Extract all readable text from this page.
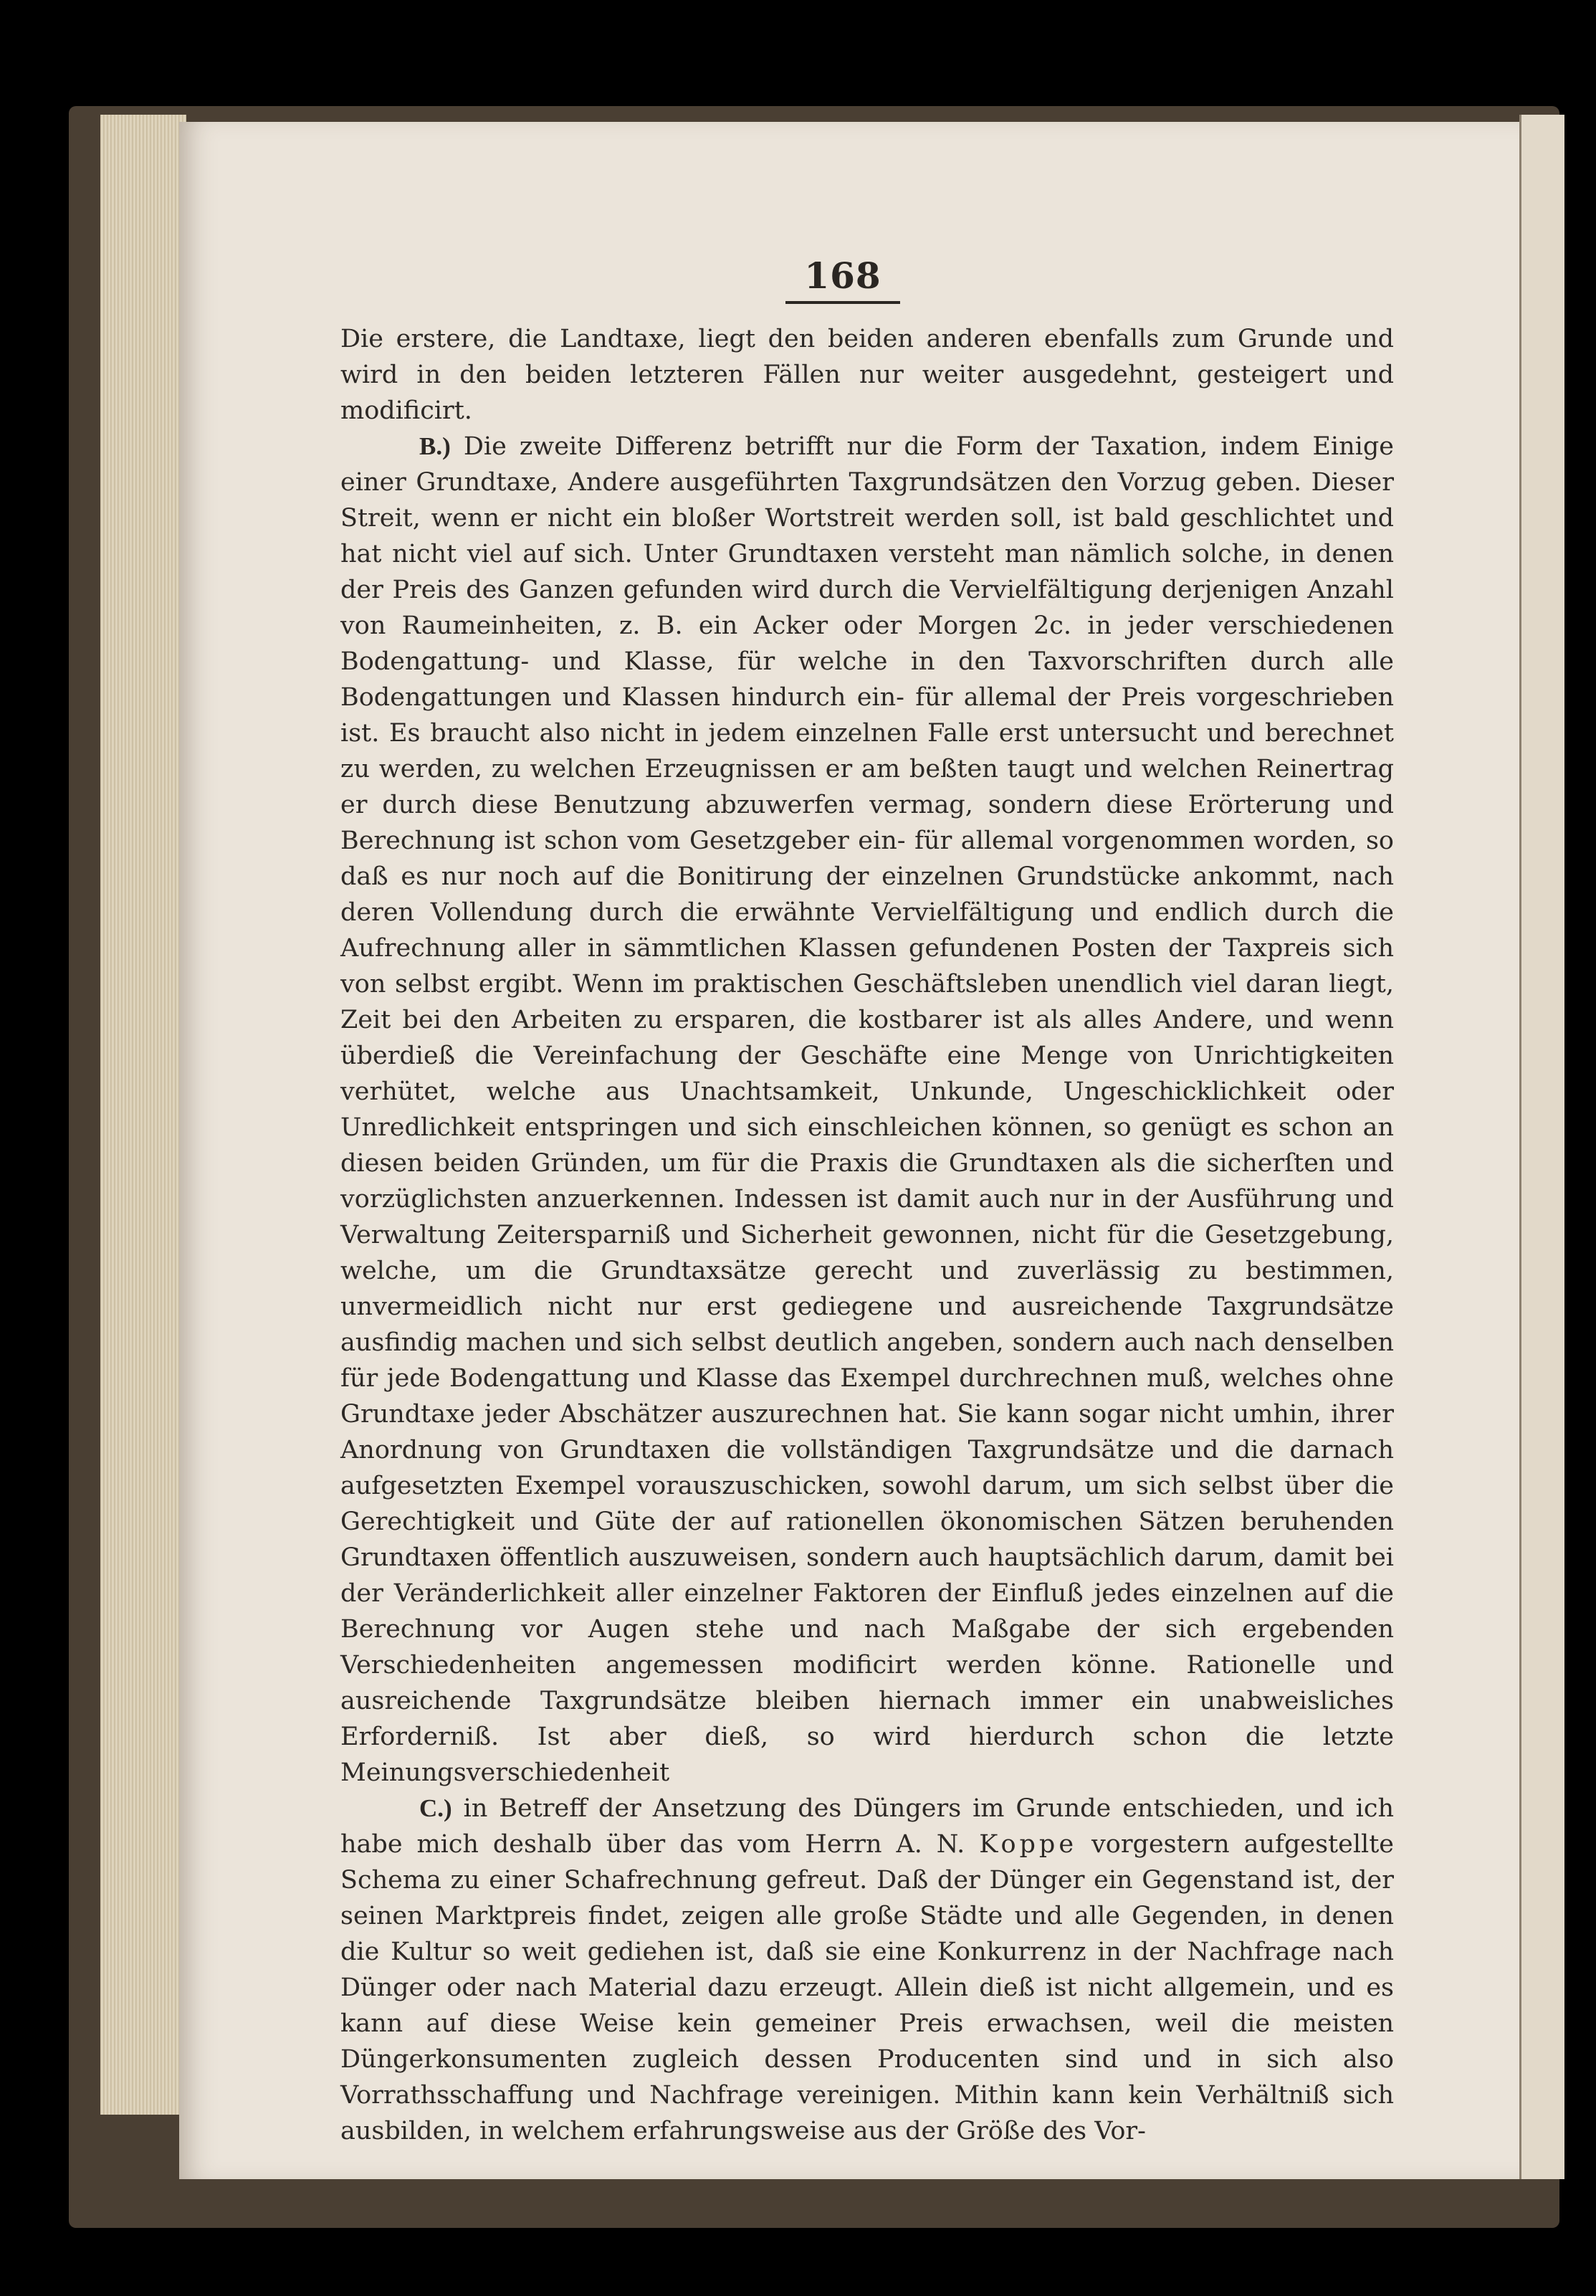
168

Die erstere, die Landtaxe, liegt den beiden anderen ebenfalls zum Grunde und wird in den beiden letzteren Fällen nur weiter ausgedehnt, gesteigert und modificirt.

B.) Die zweite Differenz betrifft nur die Form der Taxation, indem Einige einer Grundtaxe, Andere ausgeführten Taxgrundsätzen den Vorzug geben. Dieser Streit, wenn er nicht ein bloßer Wortstreit werden soll, ist bald geschlichtet und hat nicht viel auf sich. Unter Grundtaxen versteht man nämlich solche, in denen der Preis des Ganzen gefunden wird durch die Vervielfältigung derjenigen Anzahl von Raumeinheiten, z. B. ein Acker oder Morgen 2c. in jeder verschiedenen Bodengattung- und Klasse, für welche in den Taxvorschriften durch alle Bodengattungen und Klassen hindurch ein- für allemal der Preis vorgeschrieben ist. Es braucht also nicht in jedem einzelnen Falle erst untersucht und berechnet zu werden, zu welchen Erzeugnissen er am beßten taugt und welchen Reinertrag er durch diese Benutzung abzuwerfen vermag, sondern diese Erörterung und Berechnung ist schon vom Gesetzgeber ein- für allemal vorgenommen worden, so daß es nur noch auf die Bonitirung der einzelnen Grundstücke ankommt, nach deren Vollendung durch die erwähnte Vervielfältigung und endlich durch die Aufrechnung aller in sämmtlichen Klassen gefundenen Posten der Taxpreis sich von selbst ergibt. Wenn im praktischen Geschäftsleben unendlich viel daran liegt, Zeit bei den Arbeiten zu ersparen, die kostbarer ist als alles Andere, und wenn überdieß die Vereinfachung der Geschäfte eine Menge von Unrichtigkeiten verhütet, welche aus Unachtsamkeit, Unkunde, Ungeschicklichkeit oder Unredlichkeit entspringen und sich einschleichen können, so genügt es schon an diesen beiden Gründen, um für die Praxis die Grundtaxen als die sicherſten und vorzüglichsten anzuerkennen. Indessen ist damit auch nur in der Ausführung und Verwaltung Zeitersparniß und Sicherheit gewonnen, nicht für die Gesetzgebung, welche, um die Grundtaxsätze gerecht und zuverlässig zu bestimmen, unvermeidlich nicht nur erst gediegene und ausreichende Taxgrundsätze ausfindig machen und sich selbst deutlich angeben, sondern auch nach denselben für jede Bodengattung und Klasse das Exempel durchrechnen muß, welches ohne Grundtaxe jeder Abschätzer auszurechnen hat. Sie kann sogar nicht umhin, ihrer Anordnung von Grundtaxen die vollständigen Taxgrundsätze und die darnach aufgesetzten Exempel vorauszuschicken, sowohl darum, um sich selbst über die Gerechtigkeit und Güte der auf rationellen ökonomischen Sätzen beruhenden Grundtaxen öffentlich auszuweisen, sondern auch hauptsächlich darum, damit bei der Veränderlichkeit aller einzelner Faktoren der Einfluß jedes einzelnen auf die Berechnung vor Augen stehe und nach Maßgabe der sich ergebenden Verschiedenheiten angemessen modificirt werden könne. Rationelle und ausreichende Taxgrundsätze bleiben hiernach immer ein unabweisliches Erforderniß. Ist aber dieß, so wird hierdurch schon die letzte Meinungsverschiedenheit

C.) in Betreff der Ansetzung des Düngers im Grunde entschieden, und ich habe mich deshalb über das vom Herrn A. N. Koppe vorgestern aufgestellte Schema zu einer Schafrechnung gefreut. Daß der Dünger ein Gegenstand ist, der seinen Marktpreis findet, zeigen alle große Städte und alle Gegenden, in denen die Kultur so weit gediehen ist, daß sie eine Konkurrenz in der Nachfrage nach Dünger oder nach Material dazu erzeugt. Allein dieß ist nicht allgemein, und es kann auf diese Weise kein gemeiner Preis erwachsen, weil die meisten Düngerkonsumenten zugleich dessen Producenten sind und in sich also Vorrathsschaffung und Nachfrage vereinigen. Mithin kann kein Verhältniß sich ausbilden, in welchem erfahrungsweise aus der Größe des Vor-
